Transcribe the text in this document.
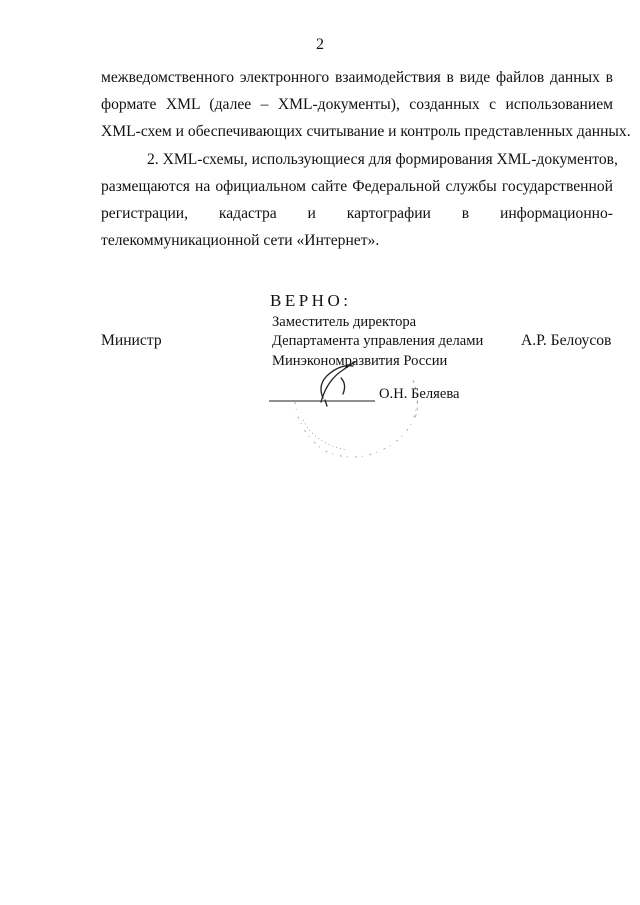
2
межведомственного электронного взаимодействия в виде файлов данных в
формате XML (далее – XML-документы), созданных с использованием
XML-схем и обеспечивающих считывание и контроль представленных данных.
2. XML-схемы, использующиеся для формирования XML-документов,
размещаются на официальном сайте Федеральной службы государственной
регистрации, кадастра и картографии в информационно-
телекоммуникационной сети «Интернет».
Министр	А.Р. Белоусов
ВЕРНО:
Заместитель директора
Департамента управления делами
Минэкономразвития России
О.Н. Беляева
